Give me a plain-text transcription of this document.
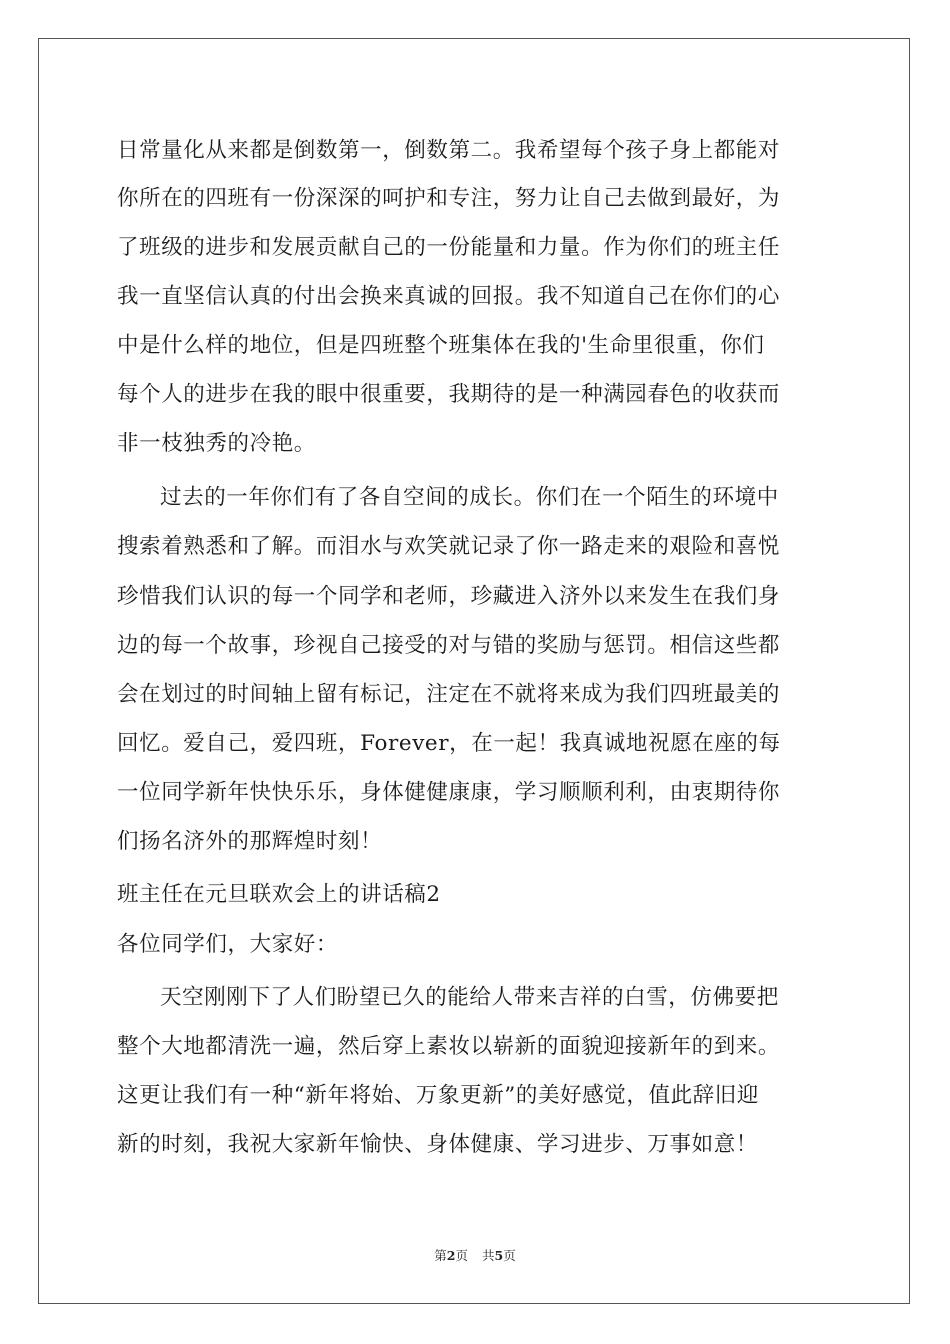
日常量化从来都是倒数第一，倒数第二。我希望每个孩子身上都能对
你所在的四班有一份深深的呵护和专注，努力让自己去做到最好，为
了班级的进步和发展贡献自己的一份能量和力量。作为你们的班主任
我一直坚信认真的付出会换来真诚的回报。我不知道自己在你们的心
中是什么样的地位，但是四班整个班集体在我的'生命里很重，你们
每个人的进步在我的眼中很重要，我期待的是一种满园春色的收获而
非一枝独秀的冷艳。
过去的一年你们有了各自空间的成长。你们在一个陌生的环境中
搜索着熟悉和了解。而泪水与欢笑就记录了你一路走来的艰险和喜悦
珍惜我们认识的每一个同学和老师，珍藏进入济外以来发生在我们身
边的每一个故事，珍视自己接受的对与错的奖励与惩罚。相信这些都
会在划过的时间轴上留有标记，注定在不就将来成为我们四班最美的
回忆。爱自己，爱四班，Forever，在一起！我真诚地祝愿在座的每
一位同学新年快快乐乐，身体健健康康，学习顺顺利利，由衷期待你
们扬名济外的那辉煌时刻！
班主任在元旦联欢会上的讲话稿2
各位同学们，大家好：
天空刚刚下了人们盼望已久的能给人带来吉祥的白雪，仿佛要把
整个大地都清洗一遍，然后穿上素妆以崭新的面貌迎接新年的到来。
这更让我们有一种“新年将始、万象更新”的美好感觉，值此辞旧迎
新的时刻，我祝大家新年愉快、身体健康、学习进步、万事如意！
第2页 共5页
